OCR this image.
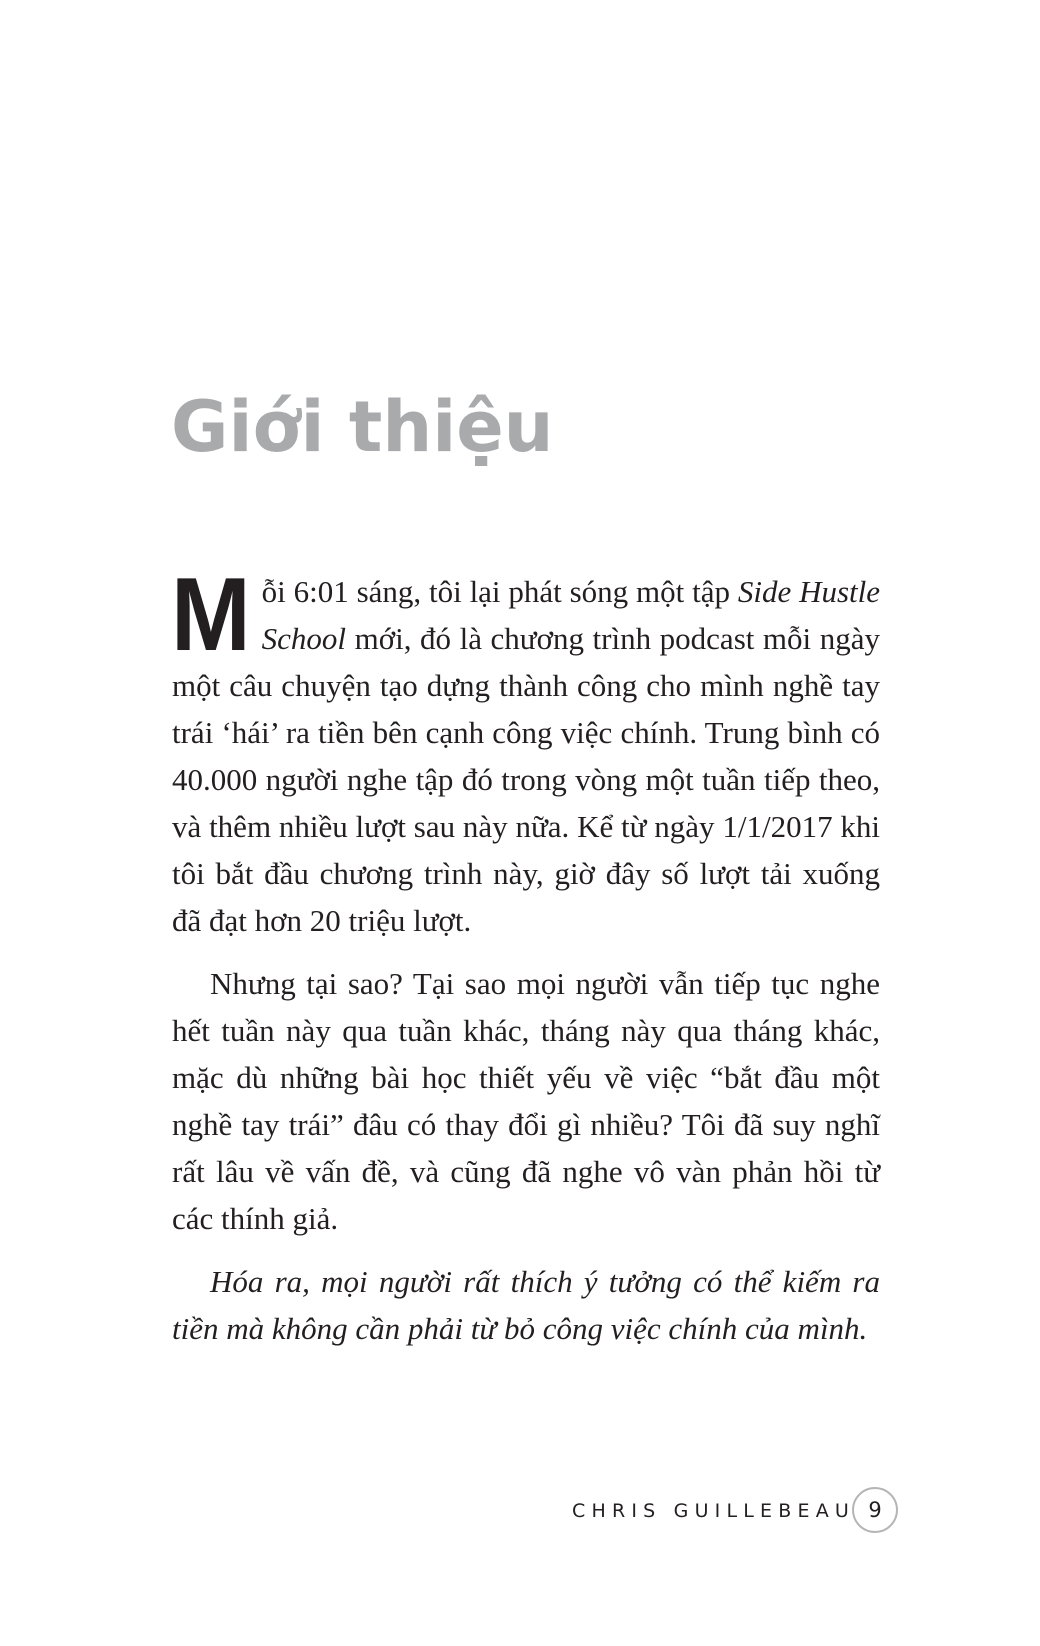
Giới thiệu

Mỗi 6:01 sáng, tôi lại phát sóng một tập Side Hustle School mới, đó là chương trình podcast mỗi ngày một câu chuyện tạo dựng thành công cho mình nghề tay trái ‘hái’ ra tiền bên cạnh công việc chính. Trung bình có 40.000 người nghe tập đó trong vòng một tuần tiếp theo, và thêm nhiều lượt sau này nữa. Kể từ ngày 1/1/2017 khi tôi bắt đầu chương trình này, giờ đây số lượt tải xuống đã đạt hơn 20 triệu lượt.

Nhưng tại sao? Tại sao mọi người vẫn tiếp tục nghe hết tuần này qua tuần khác, tháng này qua tháng khác, mặc dù những bài học thiết yếu về việc “bắt đầu một nghề tay trái” đâu có thay đổi gì nhiều? Tôi đã suy nghĩ rất lâu về vấn đề, và cũng đã nghe vô vàn phản hồi từ các thính giả.

Hóa ra, mọi người rất thích ý tưởng có thể kiếm ra tiền mà không cần phải từ bỏ công việc chính của mình.

CHRIS GUILLEBEAU 9
